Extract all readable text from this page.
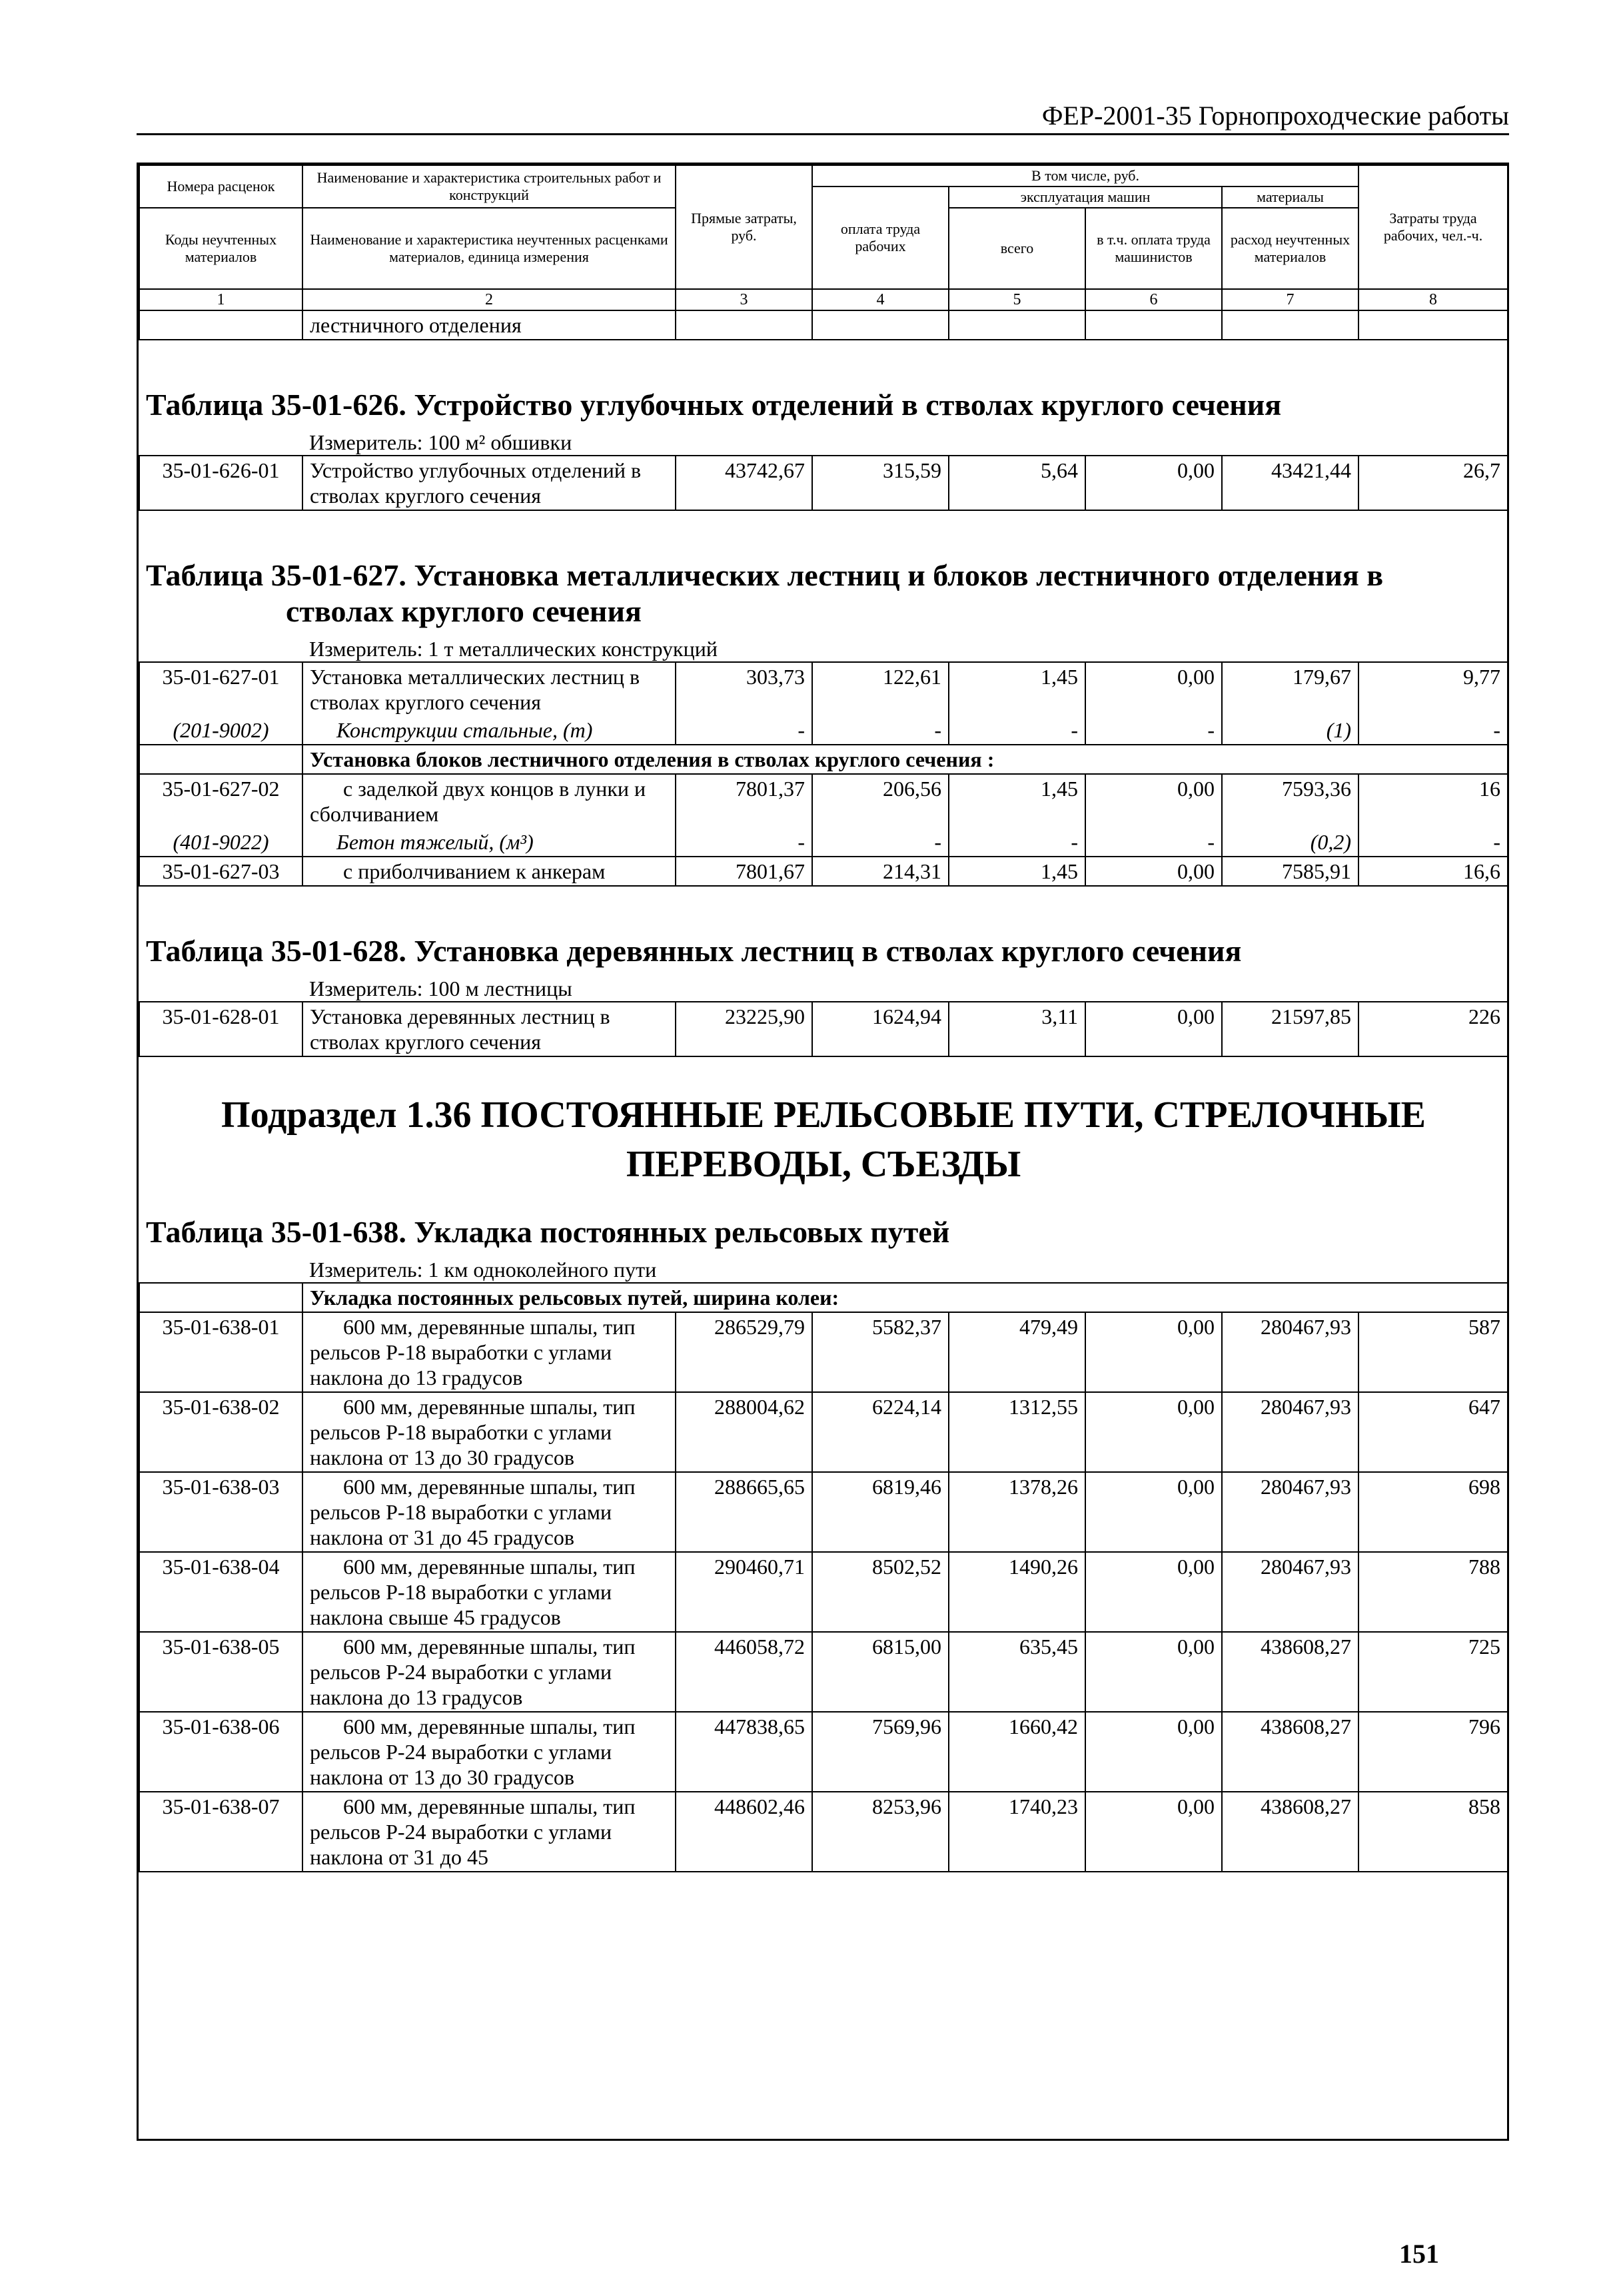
ФЕР-2001-35 Горнопроходческие работы
Номера расценок	Наименование и характеристика строительных работ и конструкций	Прямые затраты, руб.	В том числе, руб.				Затраты труда рабочих, чел.-ч.
			оплата труда рабочих	эксплуатация машин		материалы	
Коды неучтенных материалов	Наименование и характеристика неучтенных расценками материалов, единица измерения			всего	в т.ч. оплата труда машинистов	расход неучтенных материалов	
1	2	3	4	5	6	7	8
	лестничного отделения						

Таблица 35-01-626. Устройство углубочных отделений в стволах круглого сечения							
	Измеритель: 100 м² обшивки						
35-01-626-01	Устройство углубочных отделений в стволах круглого сечения	43742,67	315,59	5,64	0,00	43421,44	26,7

Таблица 35-01-627. Установка металлических лестниц и блоков лестничного отделения в
стволах круглого сечения							

	Измеритель: 1 т металлических конструкций						
35-01-627-01	Установка металлических лестниц в стволах круглого сечения	303,73	122,61	1,45	0,00	179,67	9,77
(201-9002)	Конструкции стальные, (т)	-	-	-	-	(1)	-
	Установка блоков лестничного отделения в стволах круглого сечения :						
35-01-627-02	с заделкой двух концов в лунки и сболчиванием	7801,37	206,56	1,45	0,00	7593,36	16
(401-9022)	Бетон тяжелый, (м³)	-	-	-	-	(0,2)	-
35-01-627-03	с приболчиванием к анкерам	7801,67	214,31	1,45	0,00	7585,91	16,6

Таблица 35-01-628. Установка деревянных лестниц в стволах круглого сечения							
	Измеритель: 100 м лестницы						
35-01-628-01	Установка деревянных лестниц в стволах круглого сечения	23225,90	1624,94	3,11	0,00	21597,85	226
Подраздел 1.36 ПОСТОЯННЫЕ РЕЛЬСОВЫЕ ПУТИ, СТРЕЛОЧНЫЕ
ПЕРЕВОДЫ, СЪЕЗДЫ							
Таблица 35-01-638. Укладка постоянных рельсовых путей							
	Измеритель: 1 км одноколейного пути						
	Укладка постоянных рельсовых путей, ширина колеи:						
35-01-638-01	600 мм, деревянные шпалы, тип рельсов Р-18 выработки с углами наклона до 13 градусов	286529,79	5582,37	479,49	0,00	280467,93	587
35-01-638-02	600 мм, деревянные шпалы, тип рельсов Р-18 выработки с углами наклона от 13 до 30 градусов	288004,62	6224,14	1312,55	0,00	280467,93	647
35-01-638-03	600 мм, деревянные шпалы, тип рельсов Р-18 выработки с углами наклона от 31 до 45 градусов	288665,65	6819,46	1378,26	0,00	280467,93	698
35-01-638-04	600 мм, деревянные шпалы, тип рельсов Р-18 выработки с углами наклона свыше 45 градусов	290460,71	8502,52	1490,26	0,00	280467,93	788
35-01-638-05	600 мм, деревянные шпалы, тип рельсов Р-24 выработки с углами наклона до 13 градусов	446058,72	6815,00	635,45	0,00	438608,27	725
35-01-638-06	600 мм, деревянные шпалы, тип рельсов Р-24 выработки с углами наклона от 13 до 30 градусов	447838,65	7569,96	1660,42	0,00	438608,27	796
35-01-638-07	600 мм, деревянные шпалы, тип рельсов Р-24 выработки с углами наклона от 31 до 45	448602,46	8253,96	1740,23	0,00	438608,27	858
151
